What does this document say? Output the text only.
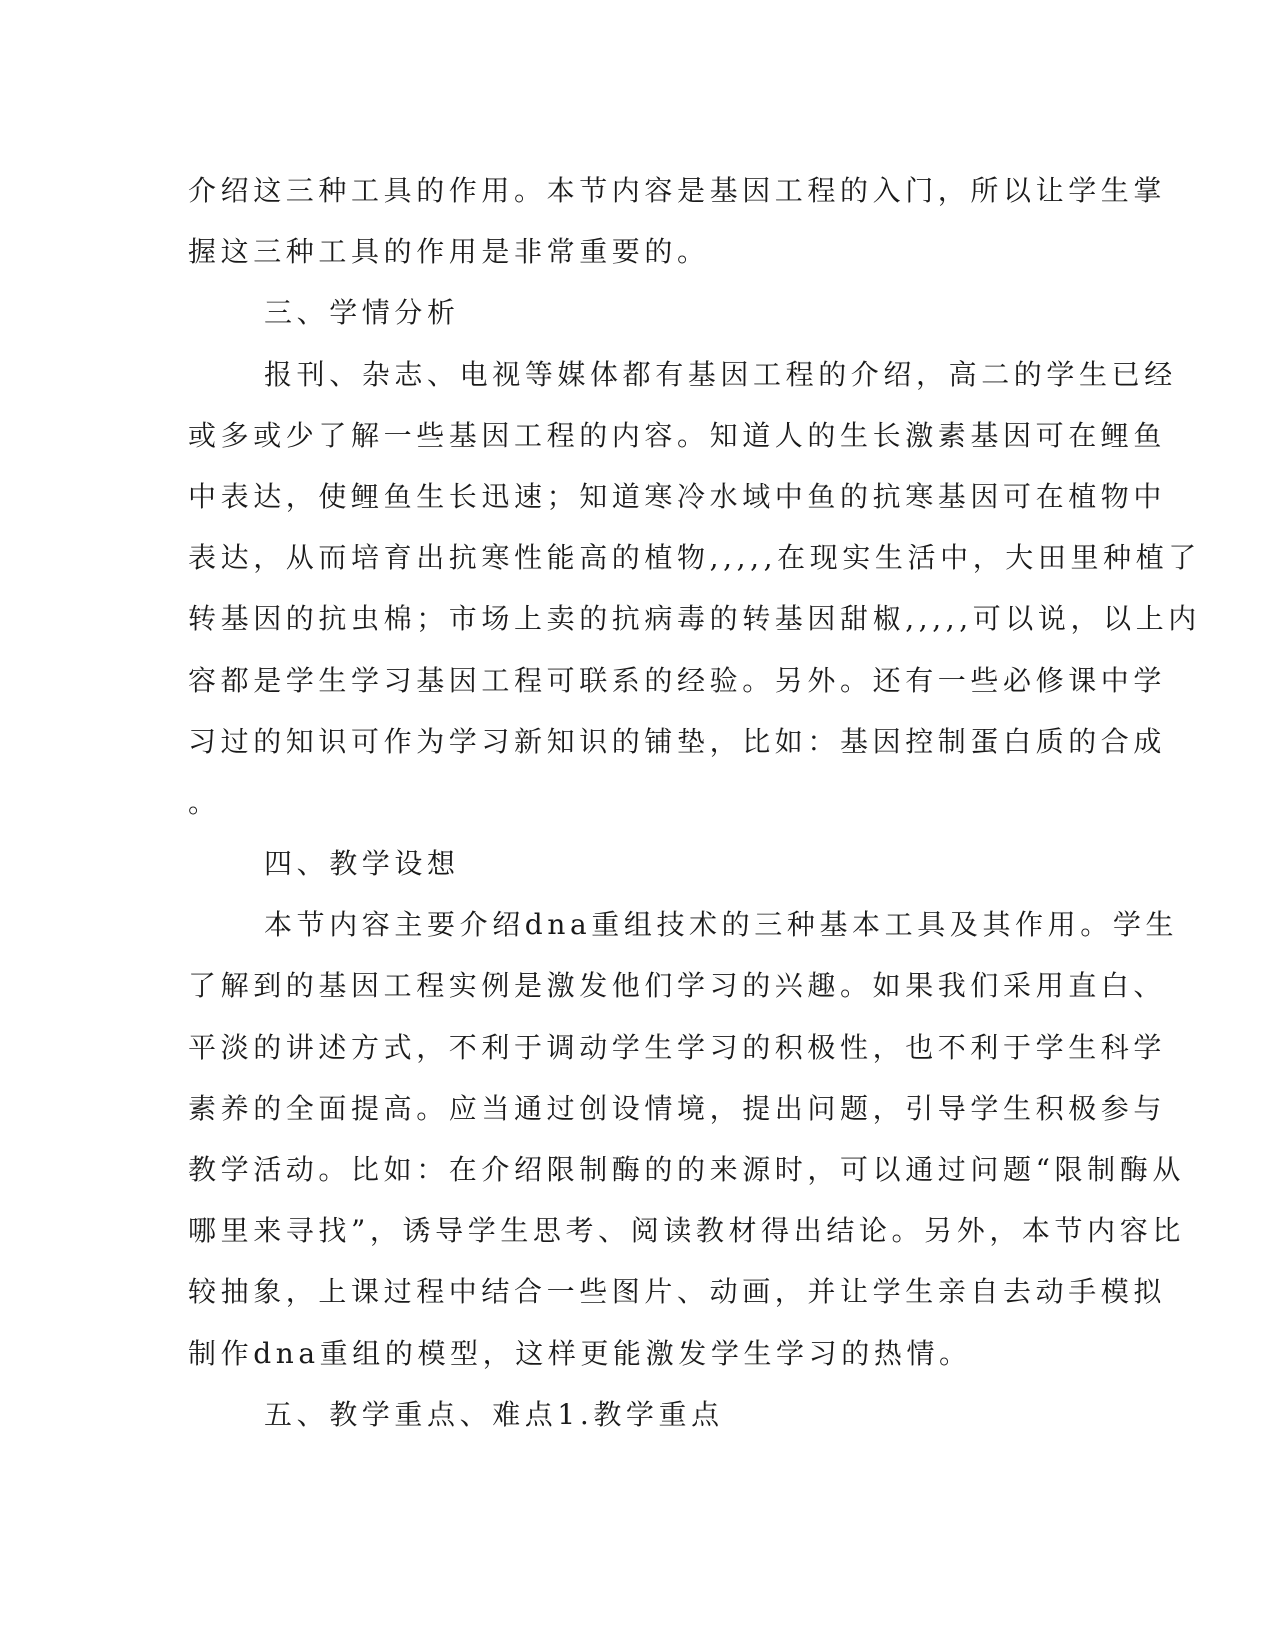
介绍这三种工具的作用。本节内容是基因工程的入门，所以让学生掌
握这三种工具的作用是非常重要的。
三、学情分析
报刊、杂志、电视等媒体都有基因工程的介绍，高二的学生已经
或多或少了解一些基因工程的内容。知道人的生长激素基因可在鲤鱼
中表达，使鲤鱼生长迅速；知道寒冷水域中鱼的抗寒基因可在植物中
表达，从而培育出抗寒性能高的植物,,,,,在现实生活中，大田里种植了
转基因的抗虫棉；市场上卖的抗病毒的转基因甜椒,,,,,可以说，以上内
容都是学生学习基因工程可联系的经验。另外。还有一些必修课中学
习过的知识可作为学习新知识的铺垫，比如：基因控制蛋白质的合成
。
四、教学设想
本节内容主要介绍dna重组技术的三种基本工具及其作用。学生
了解到的基因工程实例是激发他们学习的兴趣。如果我们采用直白、
平淡的讲述方式，不利于调动学生学习的积极性，也不利于学生科学
素养的全面提高。应当通过创设情境，提出问题，引导学生积极参与
教学活动。比如：在介绍限制酶的的来源时，可以通过问题“限制酶从
哪里来寻找”，诱导学生思考、阅读教材得出结论。另外，本节内容比
较抽象，上课过程中结合一些图片、动画，并让学生亲自去动手模拟
制作dna重组的模型，这样更能激发学生学习的热情。
五、教学重点、难点1.教学重点
